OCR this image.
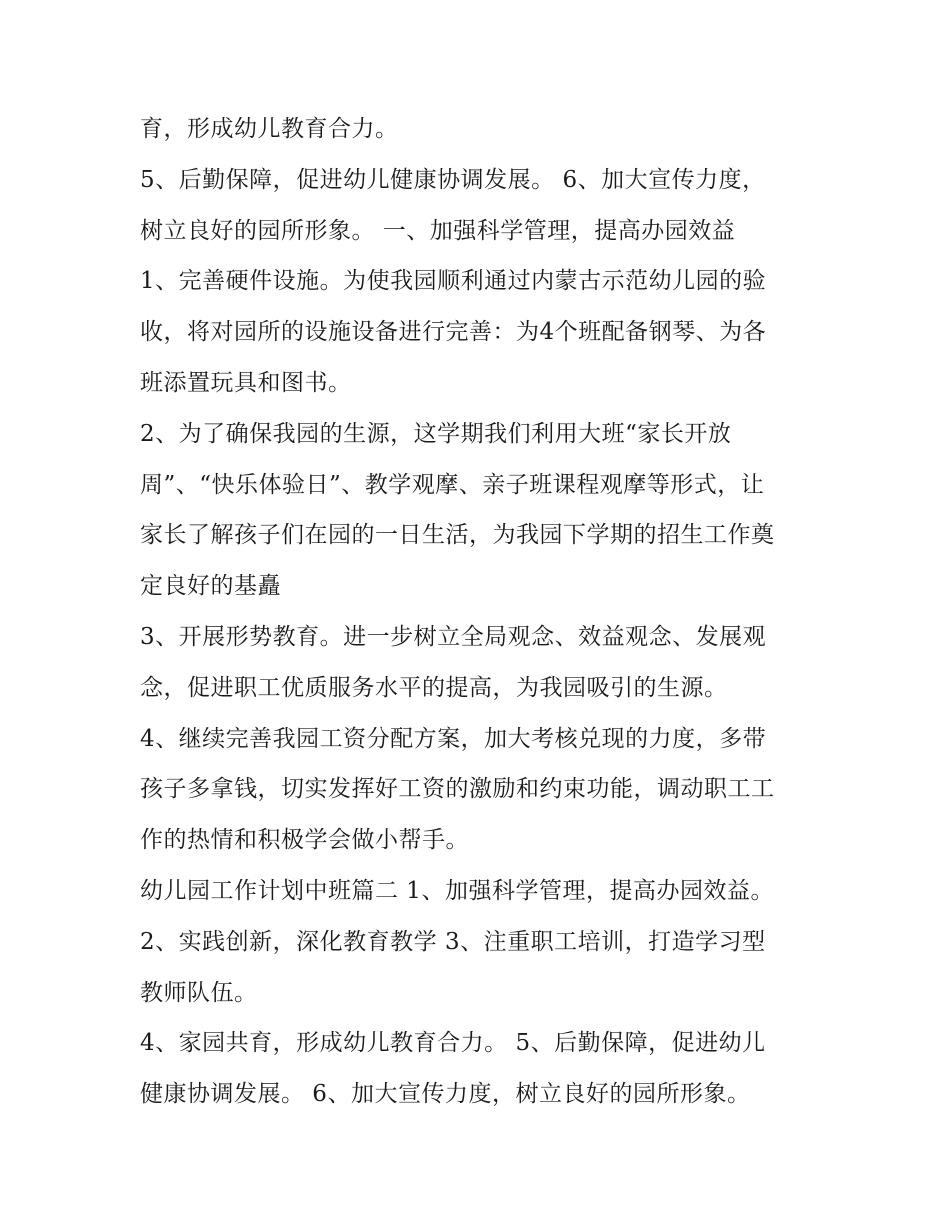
育，形成幼儿教育合力。
5、后勤保障，促进幼儿健康协调发展。 6、加大宣传力度，
树立良好的园所形象。 一、加强科学管理，提高办园效益
1、完善硬件设施。为使我园顺利通过内蒙古示范幼儿园的验
收，将对园所的设施设备进行完善：为4个班配备钢琴、为各
班添置玩具和图书。
2、为了确保我园的生源，这学期我们利用大班“家长开放
周”、“快乐体验日”、教学观摩、亲子班课程观摩等形式，让
家长了解孩子们在园的一日生活，为我园下学期的招生工作奠
定良好的基矗
3、开展形势教育。进一步树立全局观念、效益观念、发展观
念，促进职工优质服务水平的提高，为我园吸引的生源。
4、继续完善我园工资分配方案，加大考核兑现的力度，多带
孩子多拿钱，切实发挥好工资的激励和约束功能，调动职工工
作的热情和积极学会做小帮手。
幼儿园工作计划中班篇二 1、加强科学管理，提高办园效益。
2、实践创新，深化教育教学 3、注重职工培训，打造学习型
教师队伍。
4、家园共育，形成幼儿教育合力。 5、后勤保障，促进幼儿
健康协调发展。 6、加大宣传力度，树立良好的园所形象。
